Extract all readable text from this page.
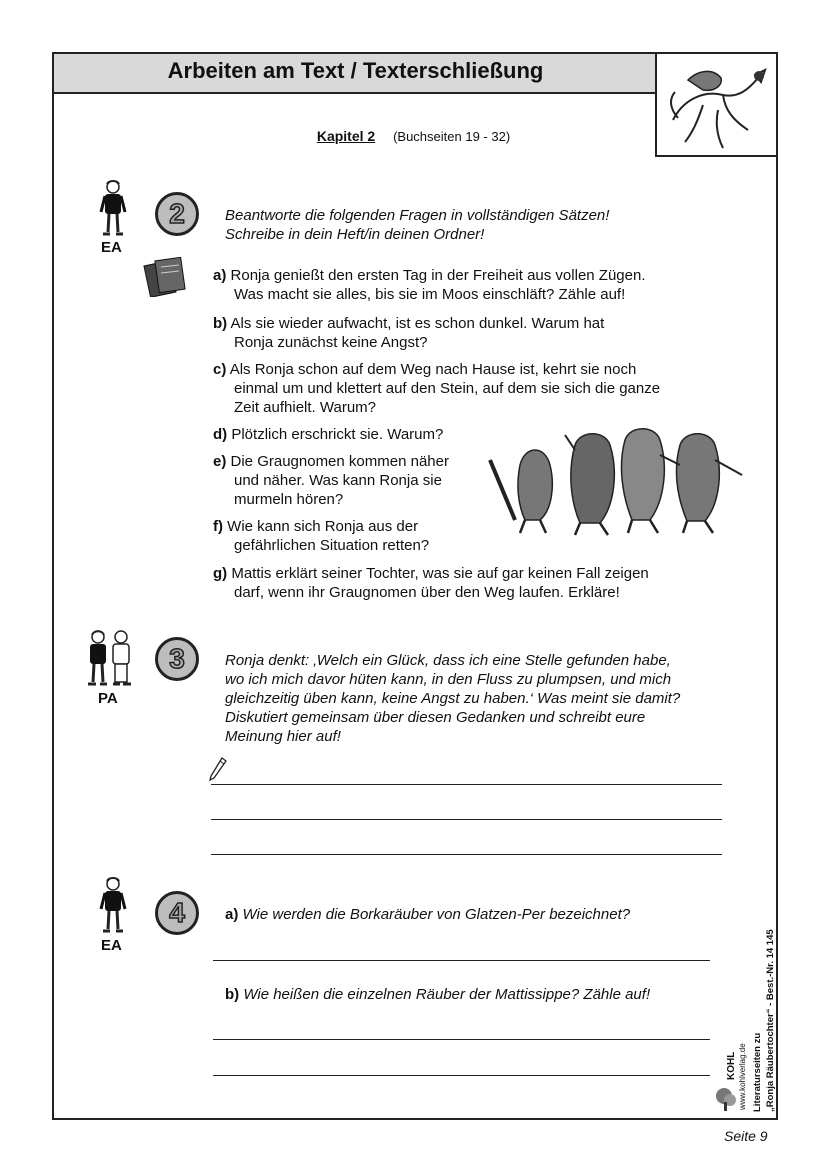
Arbeiten am Text / Texterschließung
Kapitel 2 (Buchseiten 19 - 32)
EA
2	Beantworte die folgenden Fragen in vollständigen Sätzen!
Schreibe in dein Heft/in deinen Ordner!
a) Ronja genießt den ersten Tag in der Freiheit aus vollen Zügen.
Was macht sie alles, bis sie im Moos einschläft? Zähle auf!
b) Als sie wieder aufwacht, ist es schon dunkel. Warum hat
Ronja zunächst keine Angst?
c) Als Ronja schon auf dem Weg nach Hause ist, kehrt sie noch
einmal um und klettert auf den Stein, auf dem sie sich die ganze
Zeit aufhielt. Warum?
d) Plötzlich erschrickt sie. Warum?
e) Die Graugnomen kommen näher
und näher. Was kann Ronja sie
murmeln hören?
f) Wie kann sich Ronja aus der
gefährlichen Situation retten?
g) Mattis erklärt seiner Tochter, was sie auf gar keinen Fall zeigen
darf, wenn ihr Graugnomen über den Weg laufen. Erkläre!
PA
3	Ronja denkt: ‚Welch ein Glück, dass ich eine Stelle gefunden habe,
wo ich mich davor hüten kann, in den Fluss zu plumpsen, und mich
gleichzeitig üben kann, keine Angst zu haben.‘ Was meint sie damit?
Diskutiert gemeinsam über diesen Gedanken und schreibt eure
Meinung hier auf!
EA
4	a) Wie werden die Borkaräuber von Glatzen-Per bezeichnet?
b) Wie heißen die einzelnen Räuber der Mattissippe? Zähle auf!
Literaturseiten zu „Ronja Räubertochter“ - Best.-Nr. 14 145
www.kohlverlag.de
KOHL
Seite 9
